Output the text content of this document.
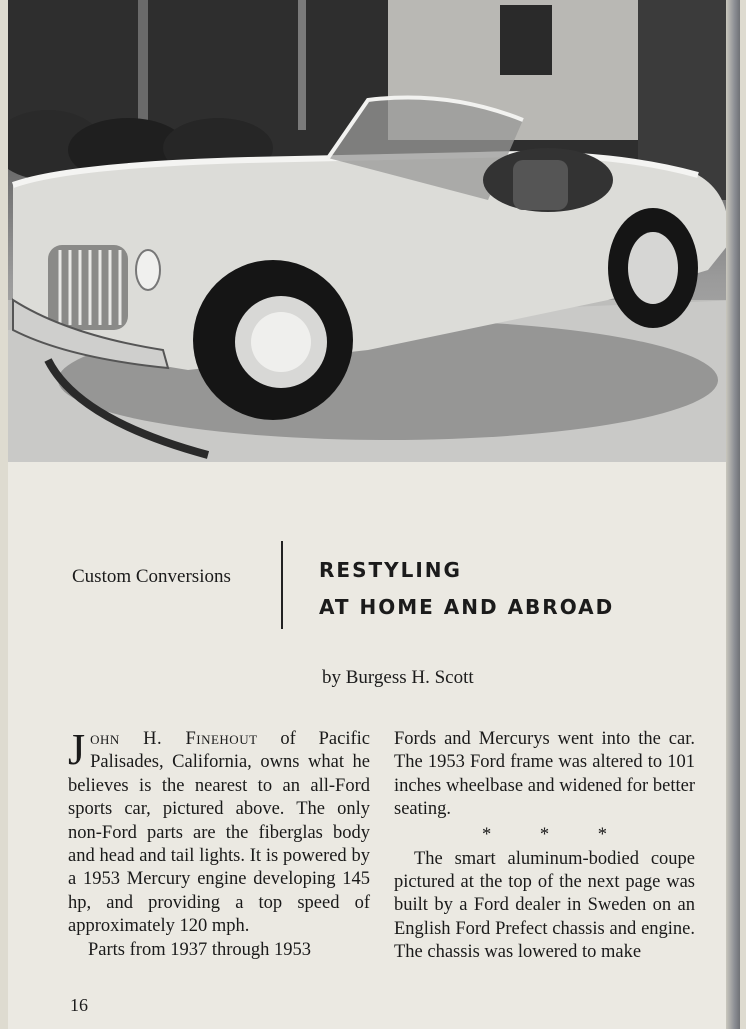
Custom Conversions	RESTYLING
AT HOME AND ABROAD
by Burgess H. Scott

John H. Finehout of Pacific Palisades, California, owns what he believes is the nearest to an all-Ford sports car, pictured above. The only non-Ford parts are the fiberglas body and head and tail lights. It is powered by a 1953 Mercury engine developing 145 hp, and providing a top speed of approximately 120 mph.

Parts from 1937 through 1953

Fords and Mercurys went into the car. The 1953 Ford frame was altered to 101 inches wheelbase and widened for better seating.

* * *

The smart aluminum-bodied coupe pictured at the top of the next page was built by a Ford dealer in Sweden on an English Ford Prefect chassis and engine. The chassis was lowered to make

16
